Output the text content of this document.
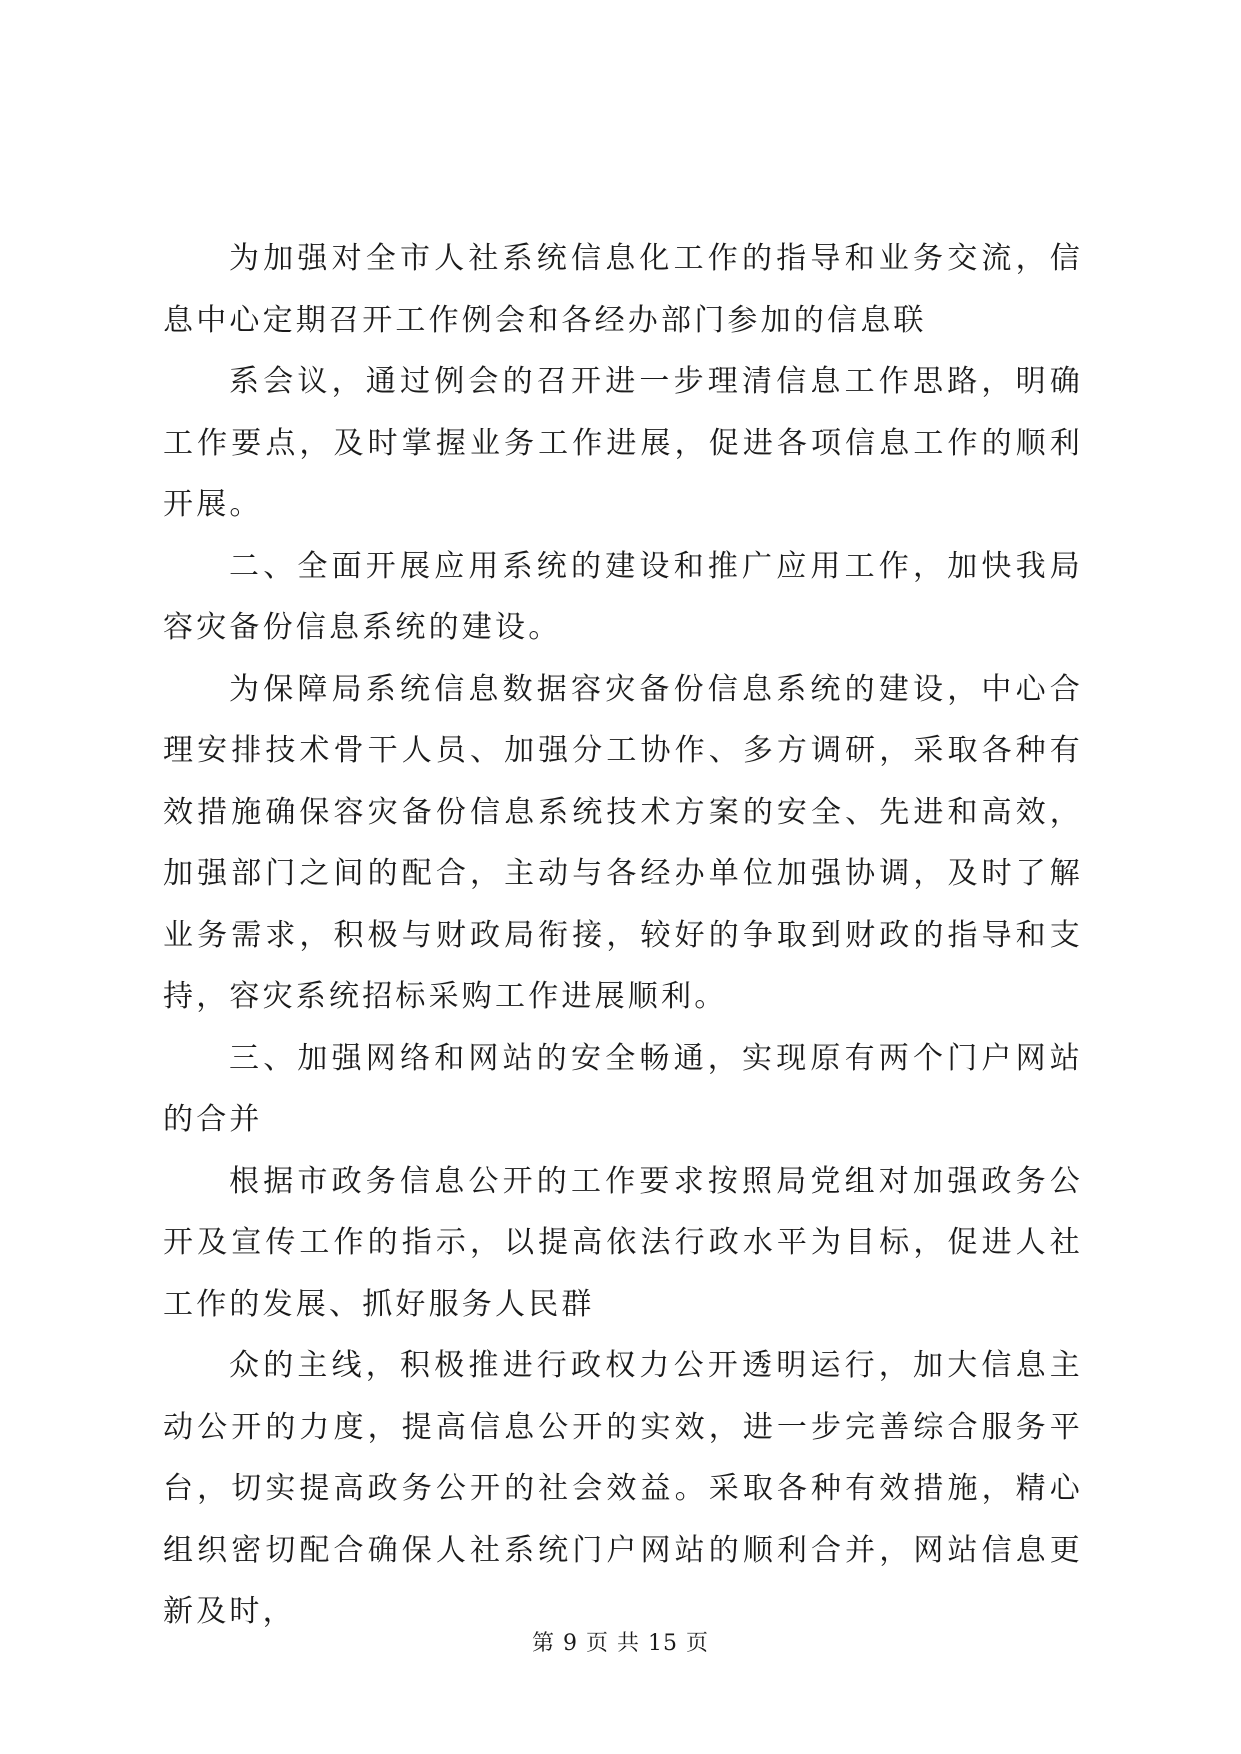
为加强对全市人社系统信息化工作的指导和业务交流，信息中心定期召开工作例会和各经办部门参加的信息联

系会议，通过例会的召开进一步理清信息工作思路，明确工作要点，及时掌握业务工作进展，促进各项信息工作的顺利开展。

二、全面开展应用系统的建设和推广应用工作，加快我局容灾备份信息系统的建设。

为保障局系统信息数据容灾备份信息系统的建设，中心合理安排技术骨干人员、加强分工协作、多方调研，采取各种有效措施确保容灾备份信息系统技术方案的安全、先进和高效，加强部门之间的配合，主动与各经办单位加强协调，及时了解业务需求，积极与财政局衔接，较好的争取到财政的指导和支持，容灾系统招标采购工作进展顺利。

三、加强网络和网站的安全畅通，实现原有两个门户网站的合并

根据市政务信息公开的工作要求按照局党组对加强政务公开及宣传工作的指示，以提高依法行政水平为目标，促进人社工作的发展、抓好服务人民群

众的主线，积极推进行政权力公开透明运行，加大信息主动公开的力度，提高信息公开的实效，进一步完善综合服务平台，切实提高政务公开的社会效益。采取各种有效措施，精心组织密切配合确保人社系统门户网站的顺利合并，网站信息更新及时，

第 9 页 共 15 页
